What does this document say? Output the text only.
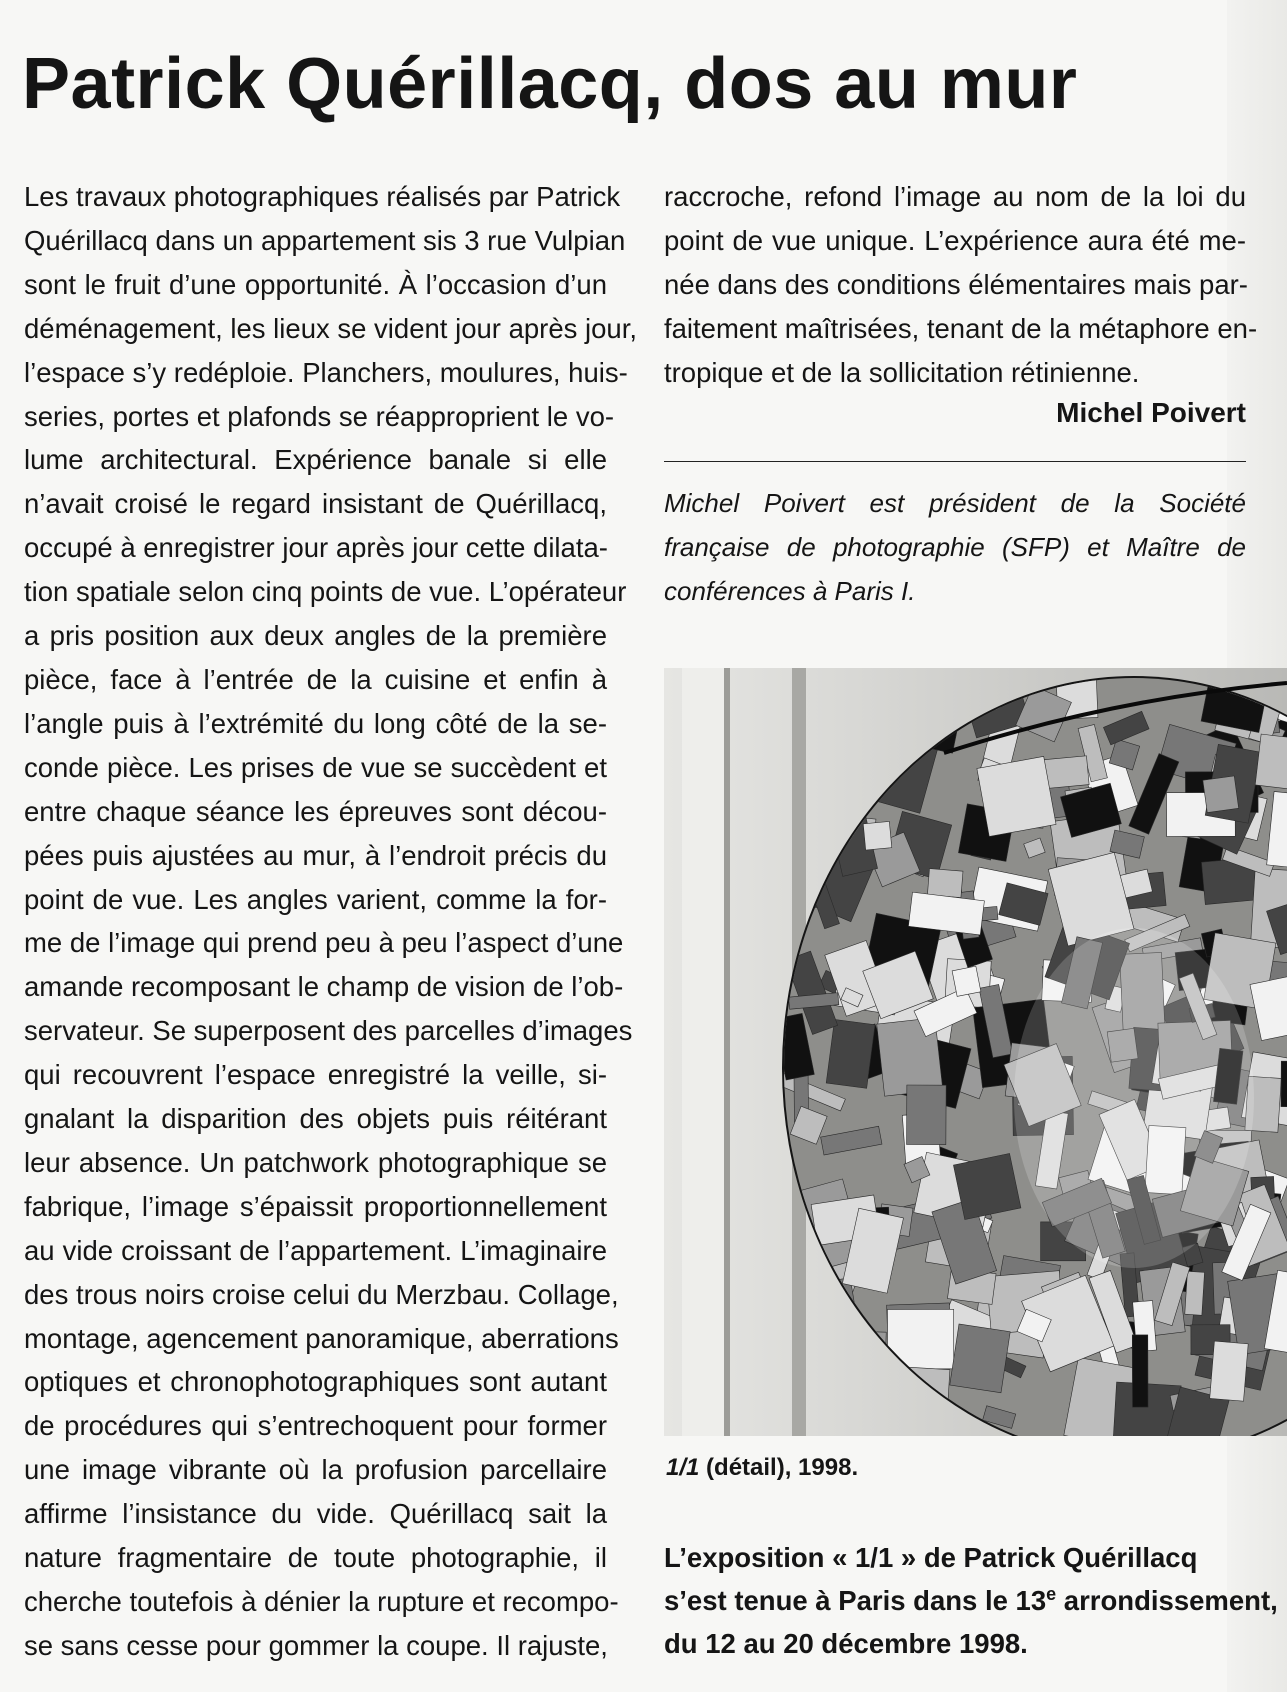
Patrick Quérillacq, dos au mur
Les travaux photographiques réalisés par Patrick
Quérillacq dans un appartement sis 3 rue Vulpian
sont le fruit d’une opportunité. À l’occasion d’un
déménagement, les lieux se vident jour après jour,
l’espace s’y redéploie. Planchers, moulures, huis-
series, portes et plafonds se réapproprient le vo-
lume architectural. Expérience banale si elle
n’avait croisé le regard insistant de Quérillacq,
occupé à enregistrer jour après jour cette dilata-
tion spatiale selon cinq points de vue. L’opérateur
a pris position aux deux angles de la première
pièce, face à l’entrée de la cuisine et enfin à
l’angle puis à l’extrémité du long côté de la se-
conde pièce. Les prises de vue se succèdent et
entre chaque séance les épreuves sont décou-
pées puis ajustées au mur, à l’endroit précis du
point de vue. Les angles varient, comme la for-
me de l’image qui prend peu à peu l’aspect d’une
amande recomposant le champ de vision de l’ob-
servateur. Se superposent des parcelles d’images
qui recouvrent l’espace enregistré la veille, si-
gnalant la disparition des objets puis réitérant
leur absence. Un patchwork photographique se
fabrique, l’image s’épaissit proportionnellement
au vide croissant de l’appartement. L’imaginaire
des trous noirs croise celui du Merzbau. Collage,
montage, agencement panoramique, aberrations
optiques et chronophotographiques sont autant
de procédures qui s’entrechoquent pour former
une image vibrante où la profusion parcellaire
affirme l’insistance du vide. Quérillacq sait la
nature fragmentaire de toute photographie, il
cherche toutefois à dénier la rupture et recompo-
se sans cesse pour gommer la coupe. Il rajuste,
raccroche, refond l’image au nom de la loi du
point de vue unique. L’expérience aura été me-
née dans des conditions élémentaires mais par-
faitement maîtrisées, tenant de la métaphore en-
tropique et de la sollicitation rétinienne.
Michel Poivert

Michel Poivert est président de la Société française de photographie (SFP) et Maître de conférences à Paris I.

1/1 (détail), 1998.

L’exposition « 1/1 » de Patrick Quérillacq
s’est tenue à Paris dans le 13e arrondissement,
du 12 au 20 décembre 1998.
